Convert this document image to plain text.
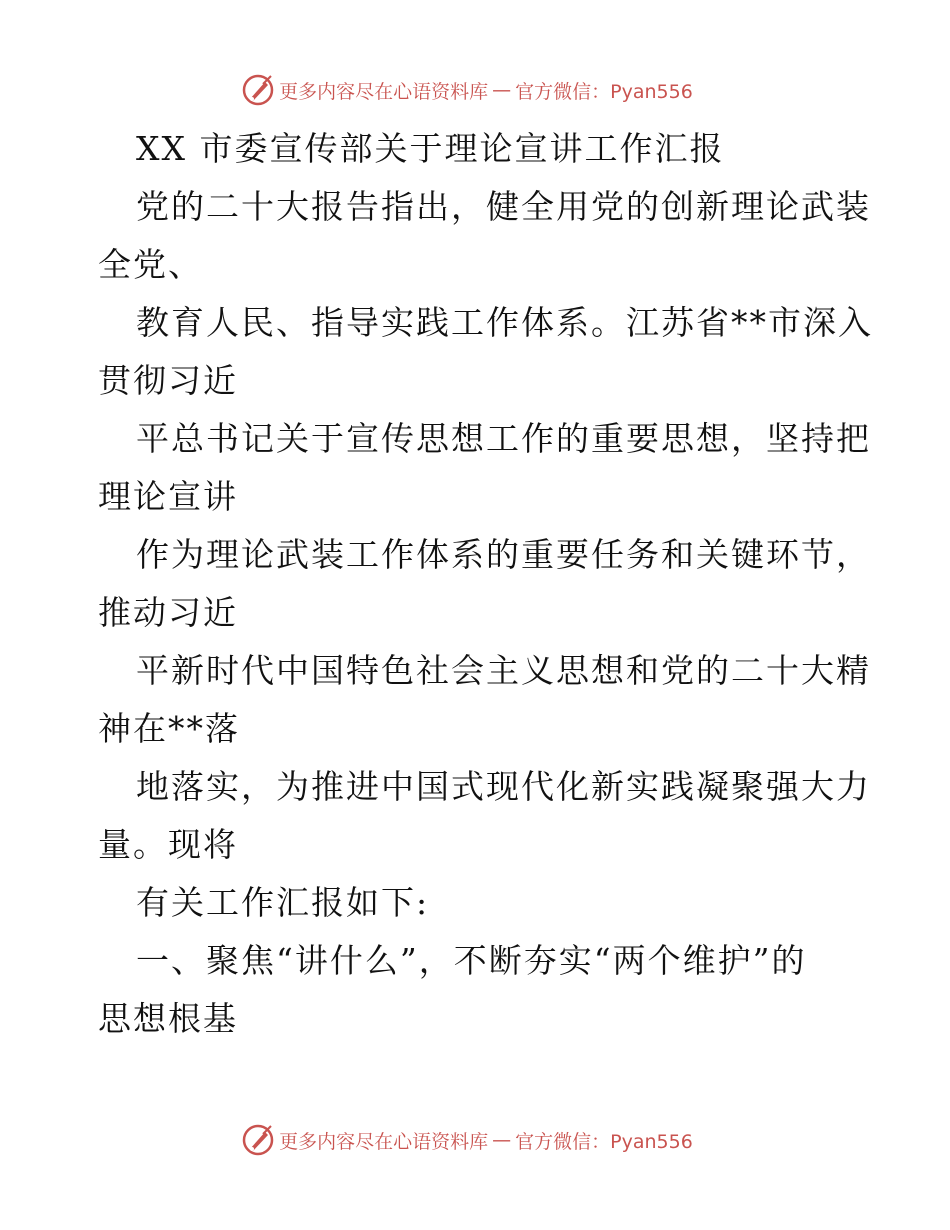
更多内容尽在心语资料库 — 官方微信：Pyan556
XX 市委宣传部关于理论宣讲工作汇报
党的二十大报告指出，健全用党的创新理论武装
全党、
教育人民、指导实践工作体系。江苏省**市深入
贯彻习近
平总书记关于宣传思想工作的重要思想，坚持把
理论宣讲
作为理论武装工作体系的重要任务和关键环节，
推动习近
平新时代中国特色社会主义思想和党的二十大精
神在**落
地落实，为推进中国式现代化新实践凝聚强大力
量。现将
有关工作汇报如下:
一、聚焦“讲什么”，不断夯实“两个维护”的
思想根基
更多内容尽在心语资料库 — 官方微信：Pyan556
